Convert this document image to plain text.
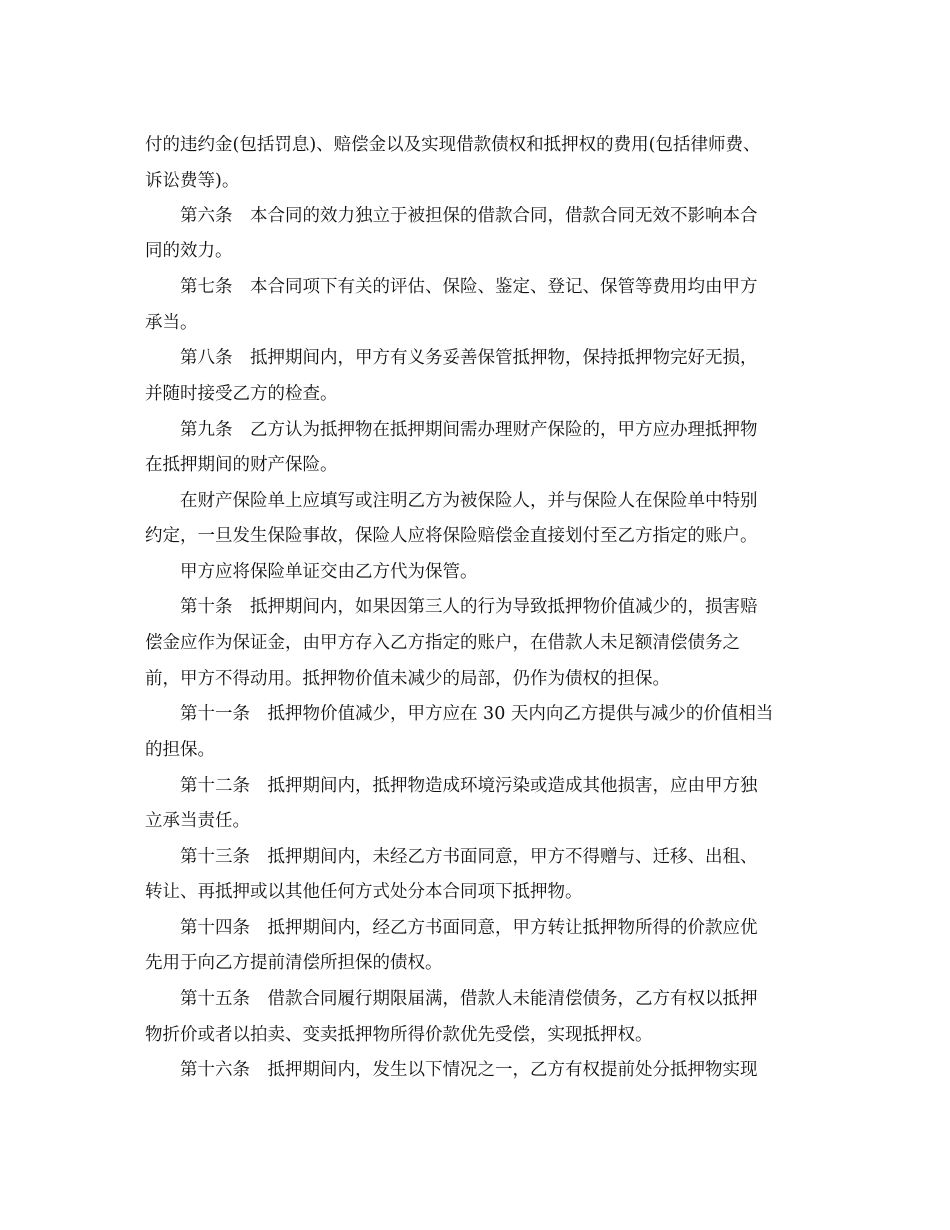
付的违约金(包括罚息)、赔偿金以及实现借款债权和抵押权的费用(包括律师费、
诉讼费等)。
第六条　本合同的效力独立于被担保的借款合同，借款合同无效不影响本合
同的效力。
第七条　本合同项下有关的评估、保险、鉴定、登记、保管等费用均由甲方
承当。
第八条　抵押期间内，甲方有义务妥善保管抵押物，保持抵押物完好无损，
并随时接受乙方的检查。
第九条　乙方认为抵押物在抵押期间需办理财产保险的，甲方应办理抵押物
在抵押期间的财产保险。
在财产保险单上应填写或注明乙方为被保险人，并与保险人在保险单中特别
约定，一旦发生保险事故，保险人应将保险赔偿金直接划付至乙方指定的账户。
甲方应将保险单证交由乙方代为保管。
第十条　抵押期间内，如果因第三人的行为导致抵押物价值减少的，损害赔
偿金应作为保证金，由甲方存入乙方指定的账户，在借款人未足额清偿债务之
前，甲方不得动用。抵押物价值未减少的局部，仍作为债权的担保。
第十一条　抵押物价值减少，甲方应在 30 天内向乙方提供与减少的价值相当
的担保。
第十二条　抵押期间内，抵押物造成环境污染或造成其他损害，应由甲方独
立承当责任。
第十三条　抵押期间内，未经乙方书面同意，甲方不得赠与、迁移、出租、
转让、再抵押或以其他任何方式处分本合同项下抵押物。
第十四条　抵押期间内，经乙方书面同意，甲方转让抵押物所得的价款应优
先用于向乙方提前清偿所担保的债权。
第十五条　借款合同履行期限届满，借款人未能清偿债务，乙方有权以抵押
物折价或者以拍卖、变卖抵押物所得价款优先受偿，实现抵押权。
第十六条　抵押期间内，发生以下情况之一，乙方有权提前处分抵押物实现
